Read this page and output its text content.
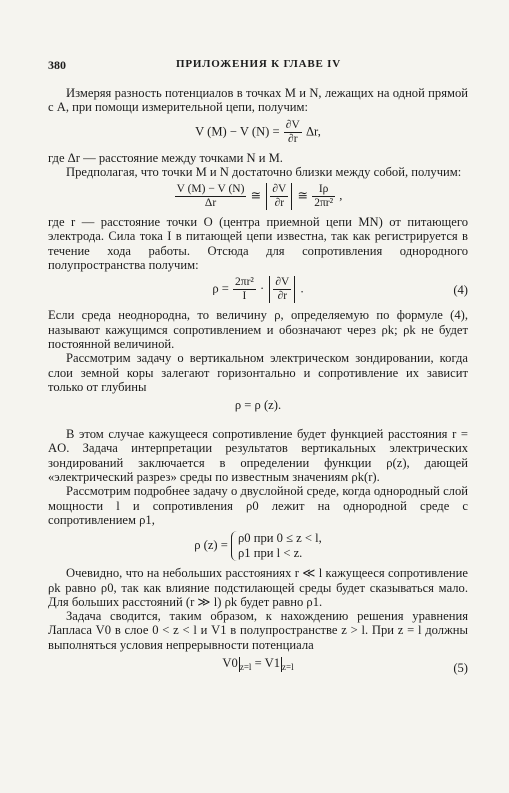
380	ПРИЛОЖЕНИЯ К ГЛАВЕ IV

Измеряя разность потенциалов в точках M и N, лежащих на одной прямой с A, при помощи измерительной цепи, получим:

V (M) − V $(N) = \frac{\partial V}{\partial r} \Delta r$,

где Δr — расстояние между точками N и M.

Предполагая, что точки M и N достаточно близки между собой, получим:

$\frac{V (M) - V (N)}{\Delta r}$ ≅ $\frac{\partial V}{\partial r}$ ≅ $\frac{I\rho}{\text{2πr²}}$ ,

где r — расстояние точки O (центра приемной цепи MN) от питающего электрода. Сила тока I в питающей цепи известна, так как регистрируется в течение хода работы. Отсюда для сопротивления однородного полупространства получим:

$\rho = \frac{\text{2πr²}}{I} \cdot \frac{\partial V}{\partial r}$ .	(4)

Если среда неоднородна, то величину ρ, определяемую по формуле (4), называют кажущимся сопротивлением и обозначают через ρk; ρk не будет постоянной величиной.

Рассмотрим задачу о вертикальном электрическом зондировании, когда слои земной коры залегают горизонтально и сопротивление их зависит только от глубины

ρ = ρ (z).

В этом случае кажущееся сопротивление будет функцией расстояния r = AO. Задача интерпретации результатов вертикальных электрических зондирований заключается в определении функции ρ(z), дающей «электрический разрез» среды по известным значениям ρk(r).

Рассмотрим подробнее задачу о двуслойной среде, когда однородный слой мощности l и сопротивления ρ0 лежит на однородной среде с сопротивлением ρ1,

ρ (z) = ρ0 при 0 ≤ z < l,
ρ1 при l < z.

Очевидно, что на небольших расстояниях r ≪ l кажущееся сопротивление ρk равно ρ0, так как влияние подстилающей среды будет сказываться мало. Для больших расстояний (r ≫ l) ρk будет равно ρ1.

Задача сводится, таким образом, к нахождению решения уравнения Лапласа V0 в слое 0 < z < l и V1 в полупространстве z > l. При z = l должны выполняться условия непрерывности потенциала

V0 $_{z=l}$ = V1 $_{z=l}$	(5)
